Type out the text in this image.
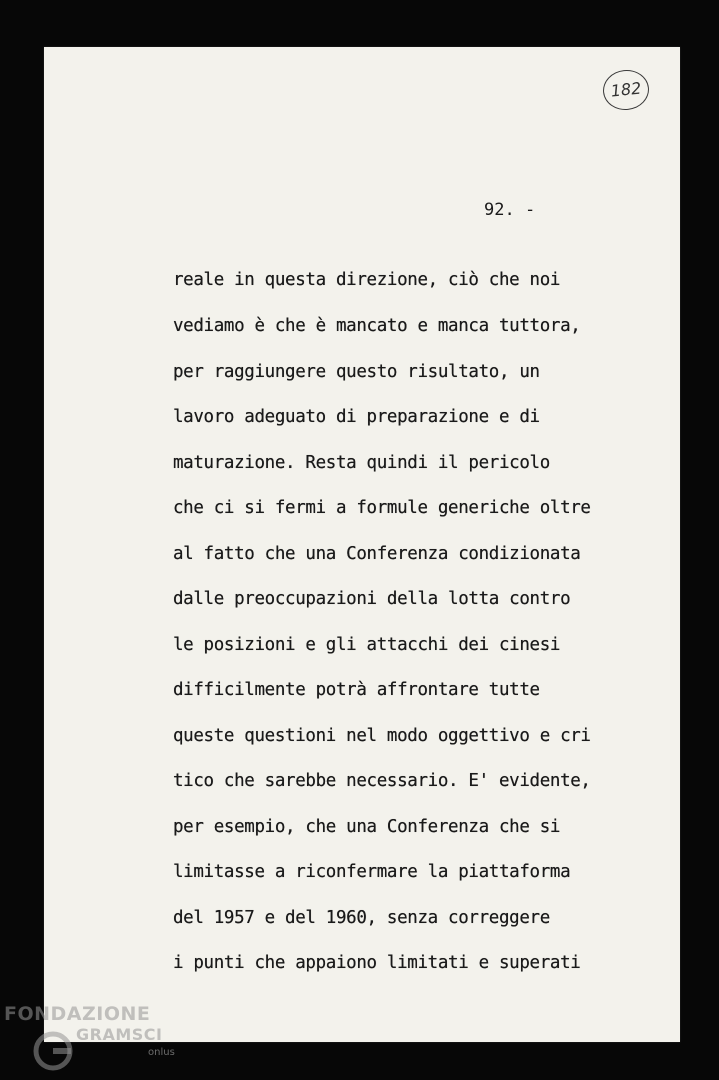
182
92. -
reale in questa direzione, ciò che noi
vediamo è che è mancato e manca tuttora,
per raggiungere questo risultato, un
lavoro adeguato di preparazione e di
maturazione. Resta quindi il pericolo
che ci si fermi a formule generiche oltre
al fatto che una Conferenza condizionata
dalle preoccupazioni della lotta contro
le posizioni e gli attacchi dei cinesi
difficilmente potrà affrontare tutte
queste questioni nel modo oggettivo e cri
tico che sarebbe necessario. E' evidente,
per esempio, che una Conferenza che si
limitasse a riconfermare la piattaforma
del 1957 e del 1960, senza correggere
i punti che appaiono limitati e superati
FONDAZIONE
GRAMSCI
onlus
